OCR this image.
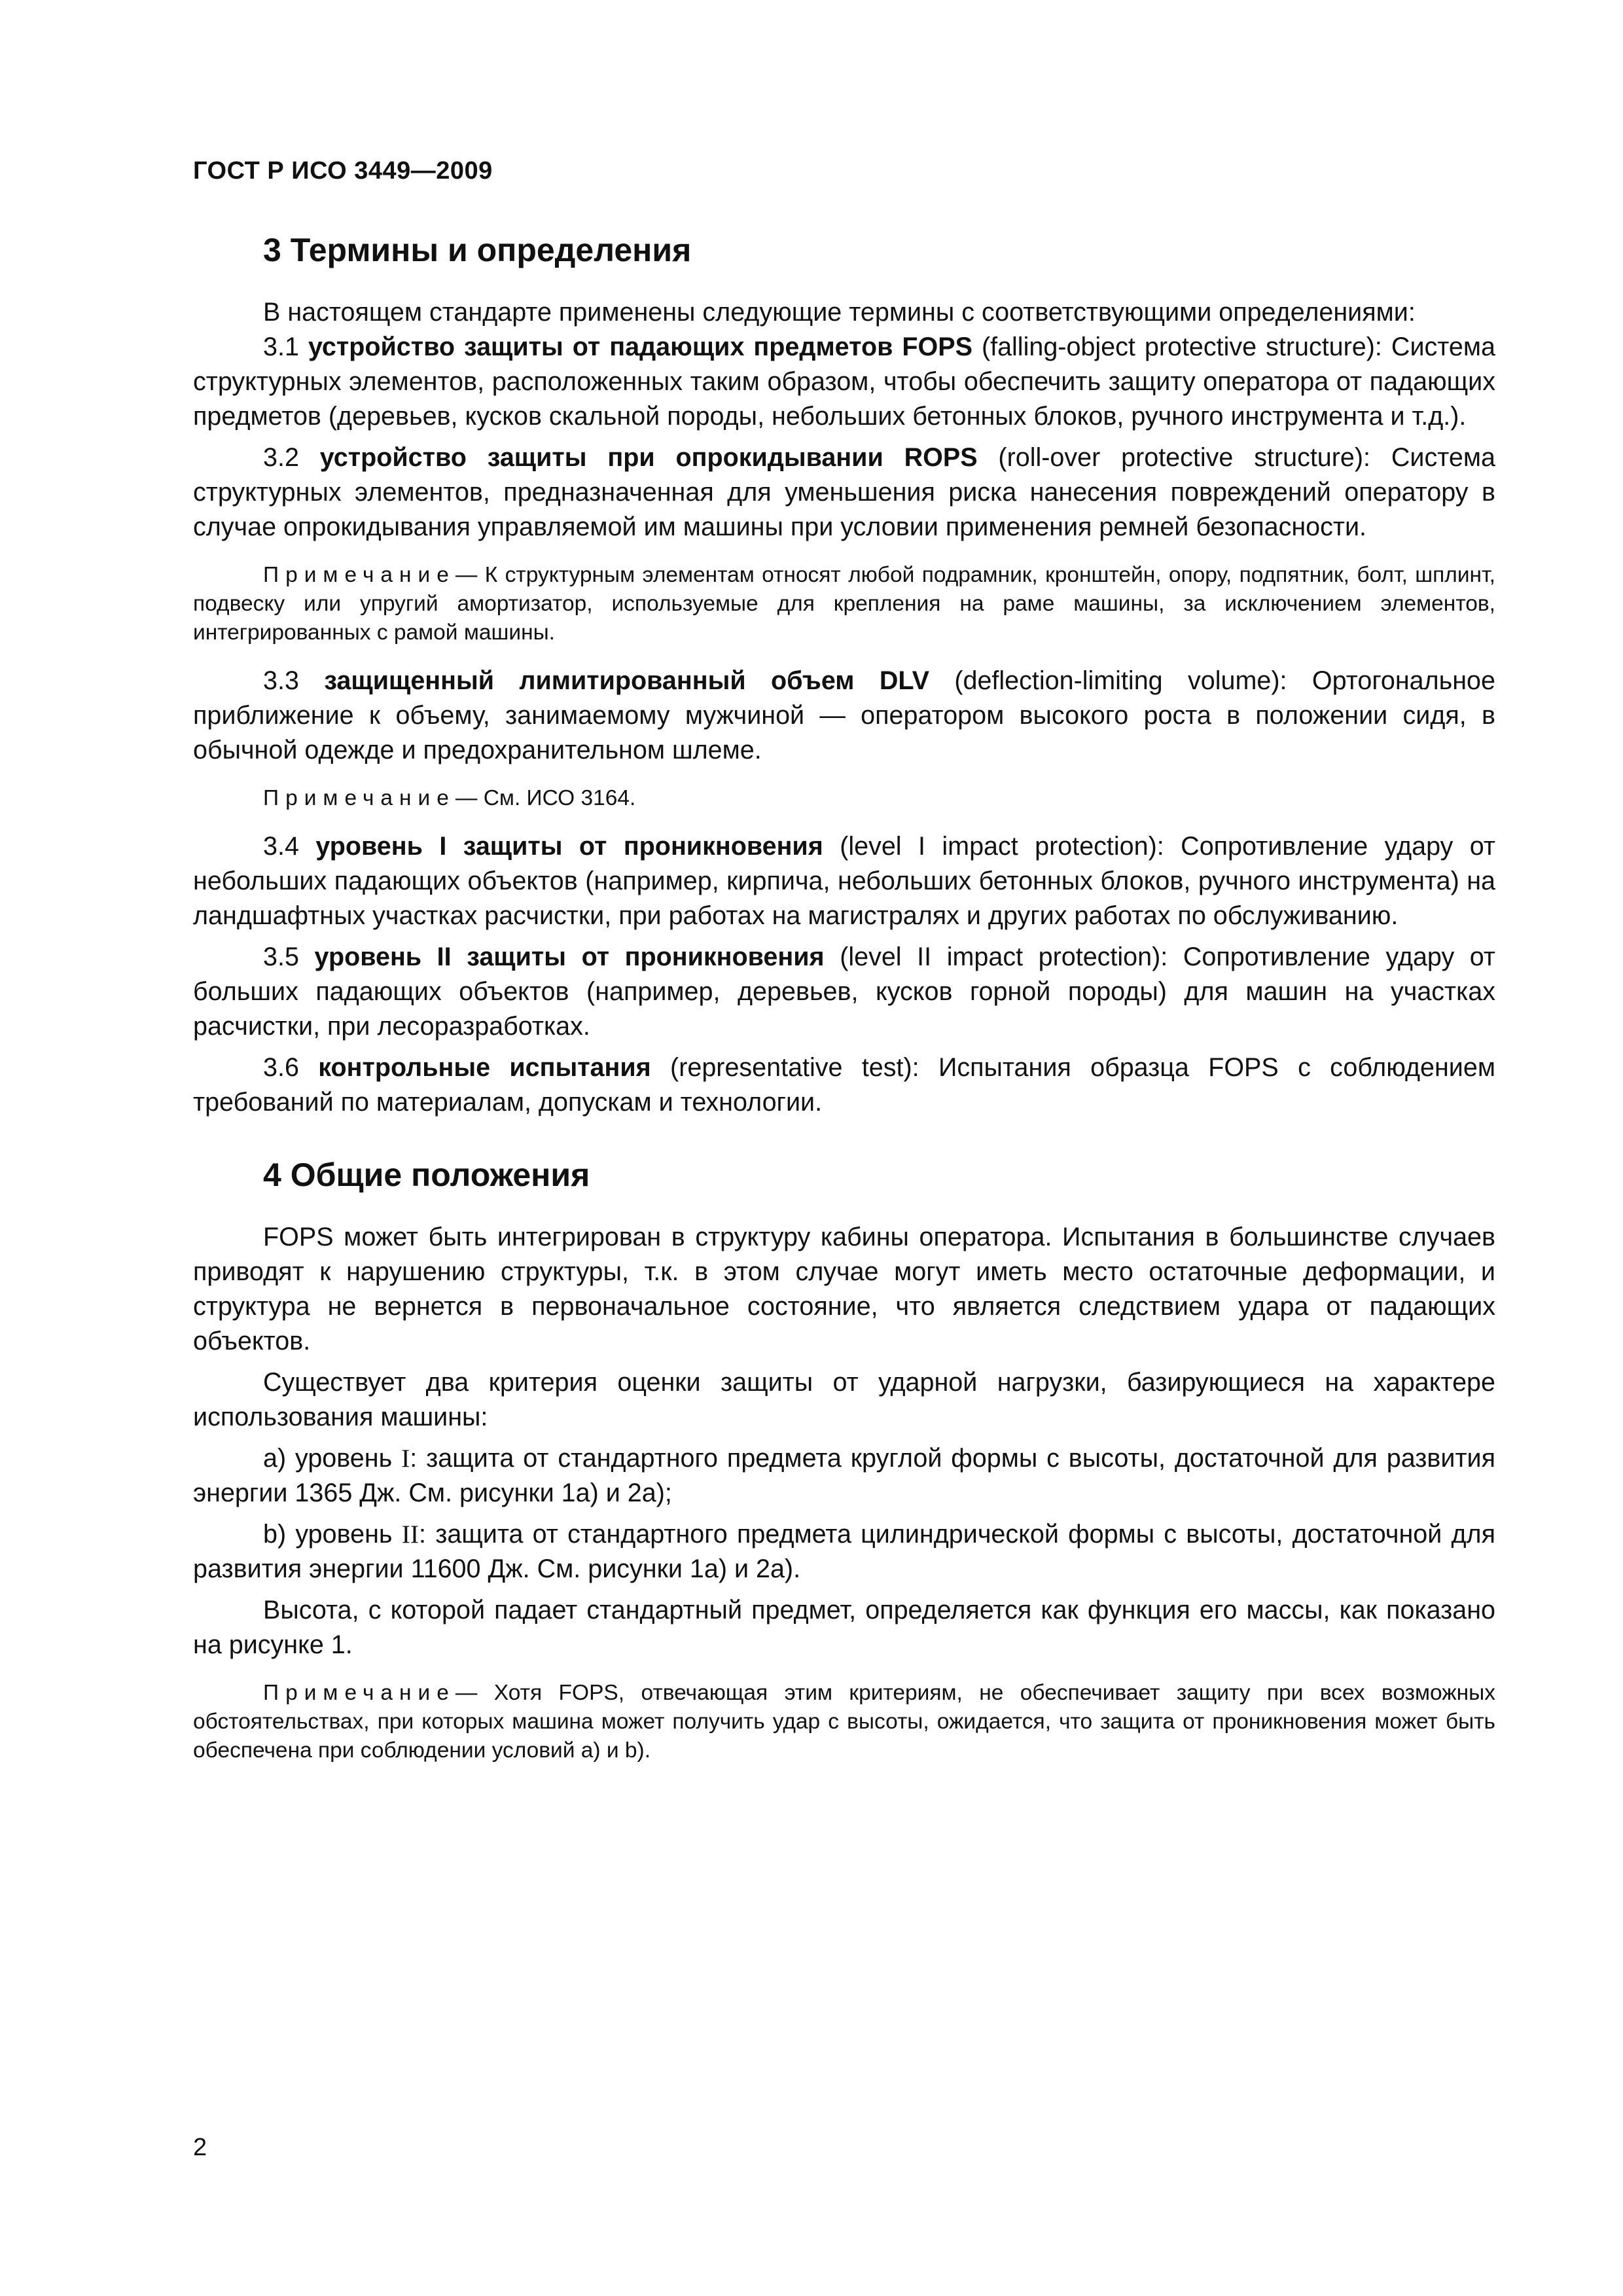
ГОСТ Р ИСО 3449—2009
3 Термины и определения

В настоящем стандарте применены следующие термины с соответствующими определениями:

3.1 устройство защиты от падающих предметов FOPS (falling-object protective structure): Система структурных элементов, расположенных таким образом, чтобы обеспечить защиту оператора от падающих предметов (деревьев, кусков скальной породы, небольших бетонных блоков, ручного инструмента и т.д.).

3.2 устройство защиты при опрокидывании ROPS (roll-over protective structure): Система структурных элементов, предназначенная для уменьшения риска нанесения повреждений оператору в случае опрокидывания управляемой им машины при условии применения ремней безопасности.

Примечание— К структурным элементам относят любой подрамник, кронштейн, опору, подпятник, болт, шплинт, подвеску или упругий амортизатор, используемые для крепления на раме машины, за исключением элементов, интегрированных с рамой машины.

3.3 защищенный лимитированный объем DLV (deflection-limiting volume): Ортогональное приближение к объему, занимаемому мужчиной — оператором высокого роста в положении сидя, в обычной одежде и предохранительном шлеме.

Примечание— См. ИСО 3164.

3.4 уровень I защиты от проникновения (level I impact protection): Сопротивление удару от небольших падающих объектов (например, кирпича, небольших бетонных блоков, ручного инструмента) на ландшафтных участках расчистки, при работах на магистралях и других работах по обслуживанию.

3.5 уровень II защиты от проникновения (level II impact protection): Сопротивление удару от больших падающих объектов (например, деревьев, кусков горной породы) для машин на участках расчистки, при лесоразработках.

3.6 контрольные испытания (representative test): Испытания образца FOPS с соблюдением требований по материалам, допускам и технологии.

4 Общие положения

FOPS может быть интегрирован в структуру кабины оператора. Испытания в большинстве случаев приводят к нарушению структуры, т.к. в этом случае могут иметь место остаточные деформации, и структура не вернется в первоначальное состояние, что является следствием удара от падающих объектов.

Существует два критерия оценки защиты от ударной нагрузки, базирующиеся на характере использования машины:

a) уровень I: защита от стандартного предмета круглой формы с высоты, достаточной для развития энергии 1365 Дж. См. рисунки 1a) и 2a);

b) уровень II: защита от стандартного предмета цилиндрической формы с высоты, достаточной для развития энергии 11600 Дж. См. рисунки 1a) и 2a).

Высота, с которой падает стандартный предмет, определяется как функция его массы, как показано на рисунке 1.

Примечание— Хотя FOPS, отвечающая этим критериям, не обеспечивает защиту при всех возможных обстоятельствах, при которых машина может получить удар с высоты, ожидается, что защита от проникновения может быть обеспечена при соблюдении условий a) и b).

2
